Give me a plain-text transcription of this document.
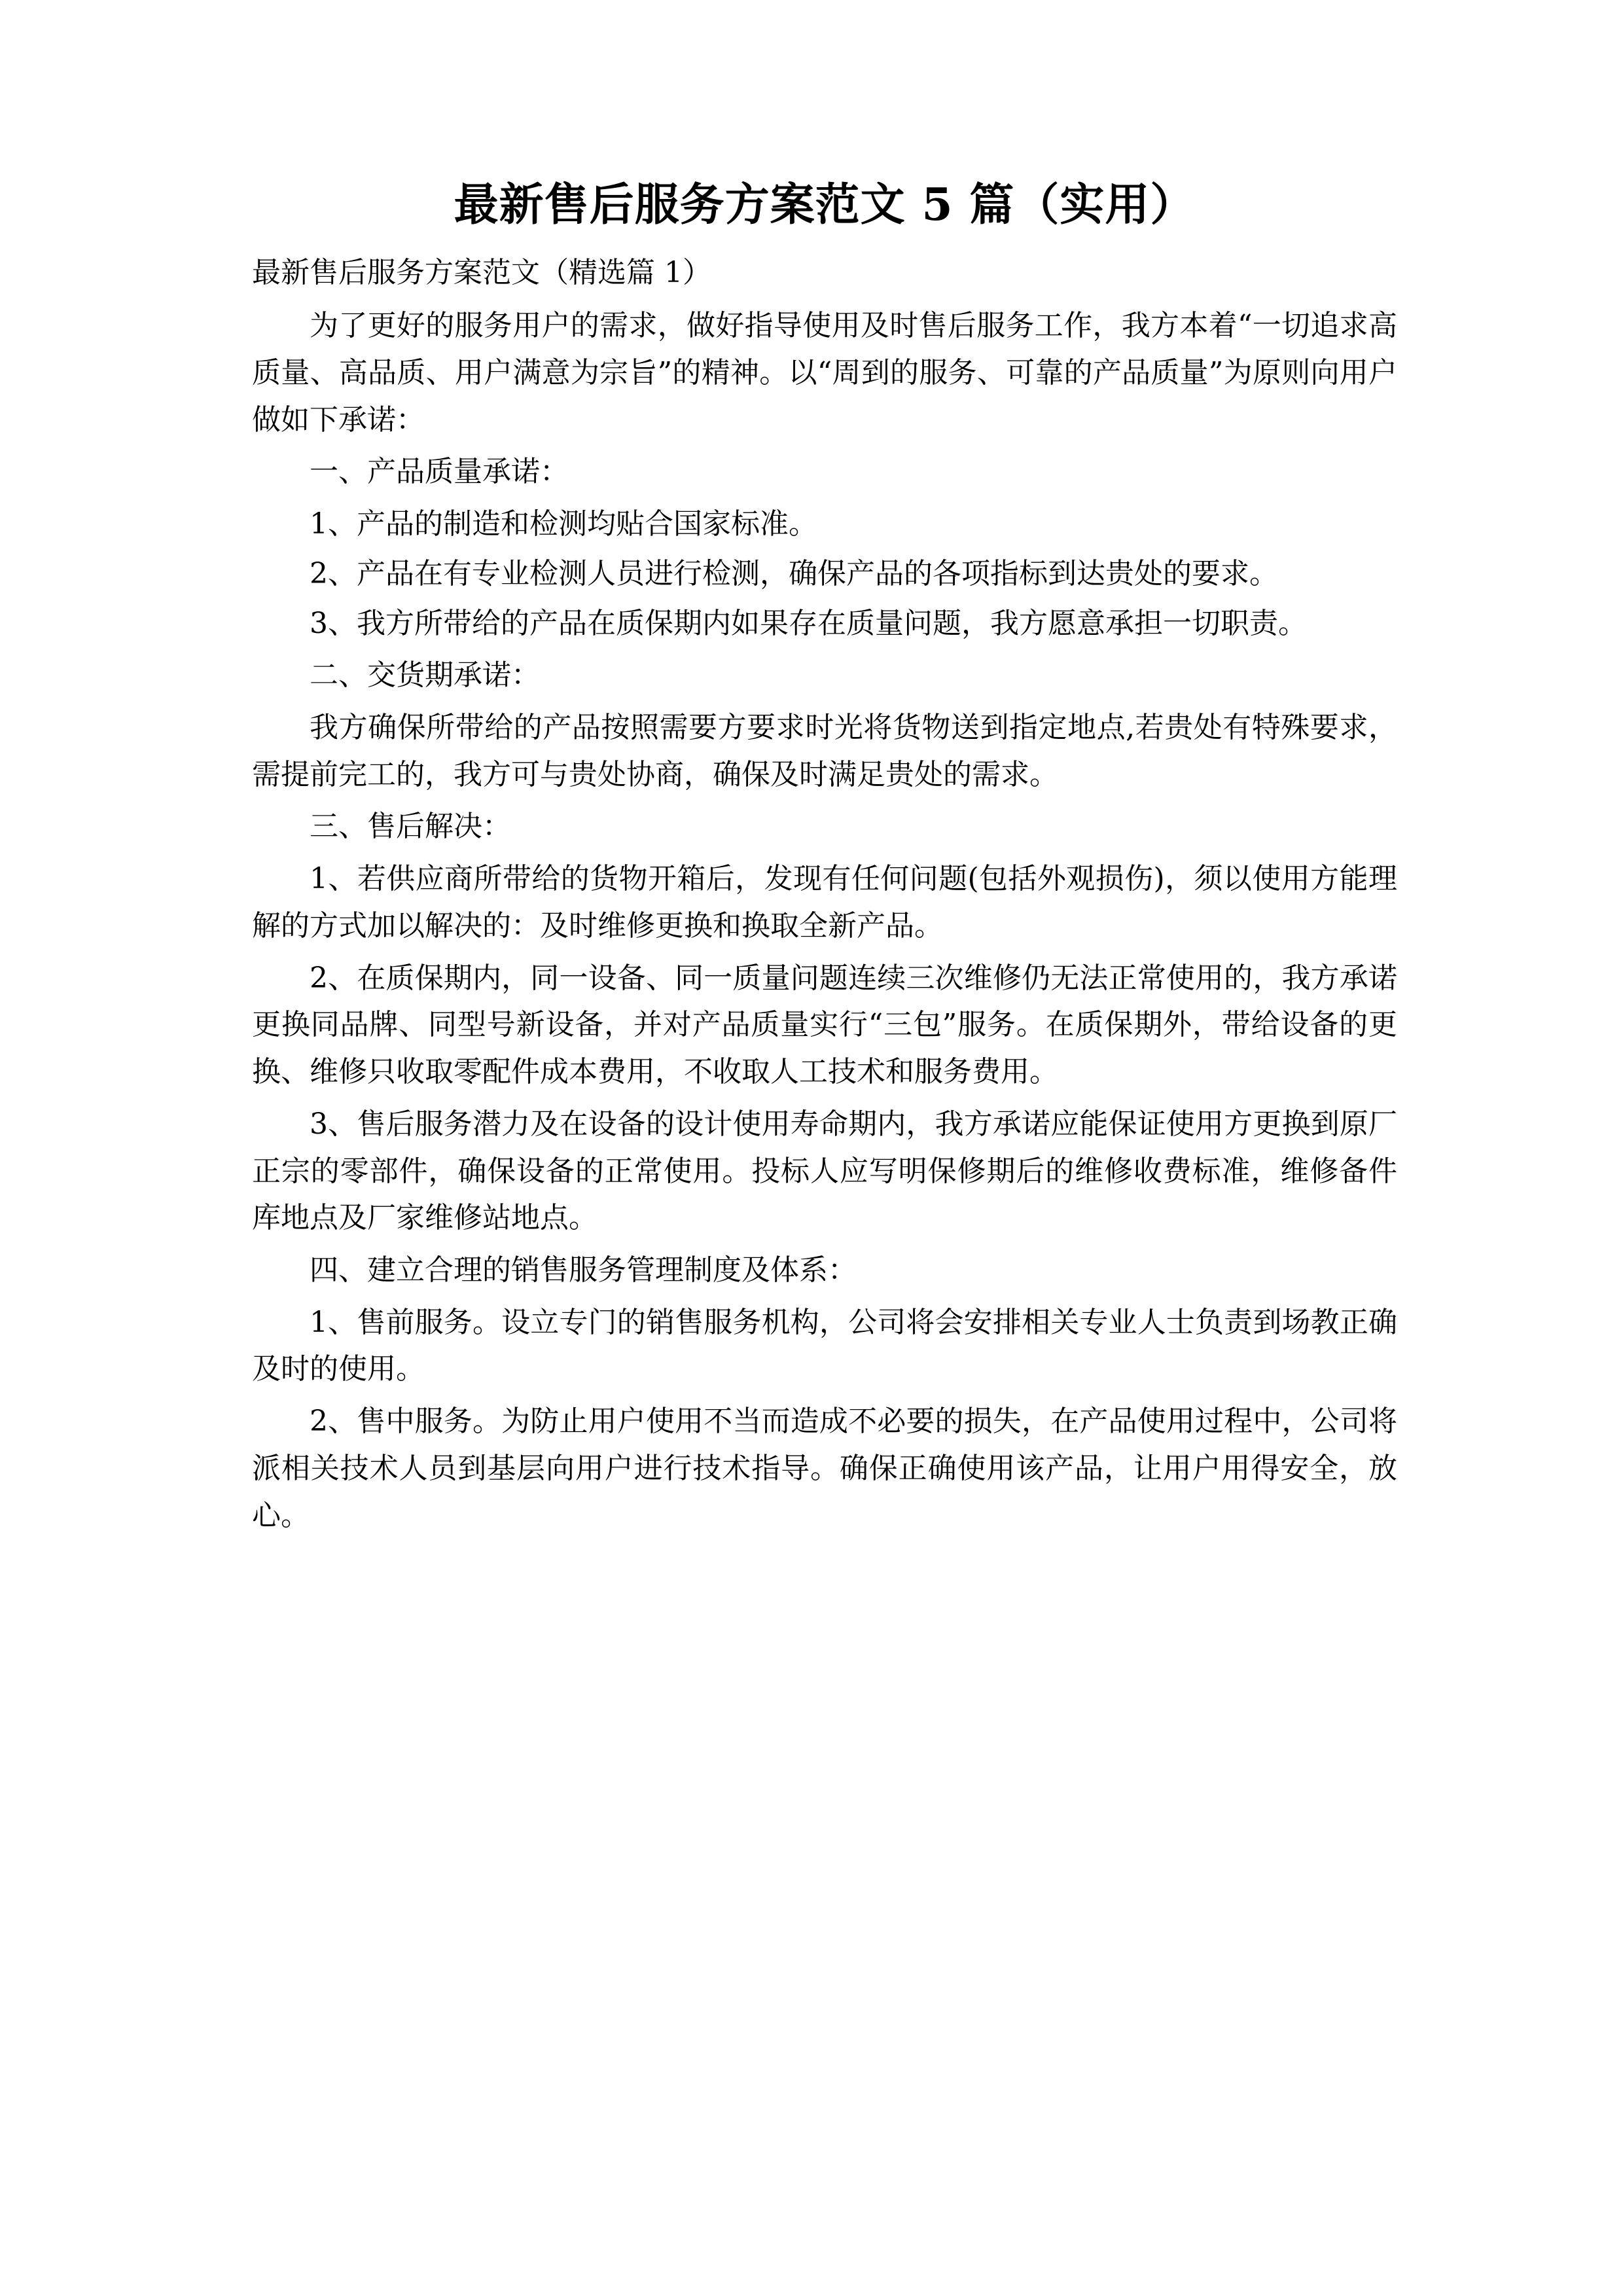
最新售后服务方案范文 5 篇（实用）

最新售后服务方案范文（精选篇 1）

为了更好的服务用户的需求，做好指导使用及时售后服务工作，我方本着“一切追求高质量、高品质、用户满意为宗旨”的精神。以“周到的服务、可靠的产品质量”为原则向用户做如下承诺：

一、产品质量承诺：

1、产品的制造和检测均贴合国家标准。

2、产品在有专业检测人员进行检测，确保产品的各项指标到达贵处的要求。

3、我方所带给的产品在质保期内如果存在质量问题，我方愿意承担一切职责。

二、交货期承诺：

我方确保所带给的产品按照需要方要求时光将货物送到指定地点,若贵处有特殊要求，需提前完工的，我方可与贵处协商，确保及时满足贵处的需求。

三、售后解决：

1、若供应商所带给的货物开箱后，发现有任何问题(包括外观损伤)，须以使用方能理解的方式加以解决的：及时维修更换和换取全新产品。

2、在质保期内，同一设备、同一质量问题连续三次维修仍无法正常使用的，我方承诺更换同品牌、同型号新设备，并对产品质量实行“三包”服务。在质保期外，带给设备的更换、维修只收取零配件成本费用，不收取人工技术和服务费用。

3、售后服务潜力及在设备的设计使用寿命期内，我方承诺应能保证使用方更换到原厂正宗的零部件，确保设备的正常使用。投标人应写明保修期后的维修收费标准，维修备件库地点及厂家维修站地点。

四、建立合理的销售服务管理制度及体系：

1、售前服务。设立专门的销售服务机构，公司将会安排相关专业人士负责到场教正确及时的使用。

2、售中服务。为防止用户使用不当而造成不必要的损失，在产品使用过程中，公司将派相关技术人员到基层向用户进行技术指导。确保正确使用该产品，让用户用得安全，放心。
